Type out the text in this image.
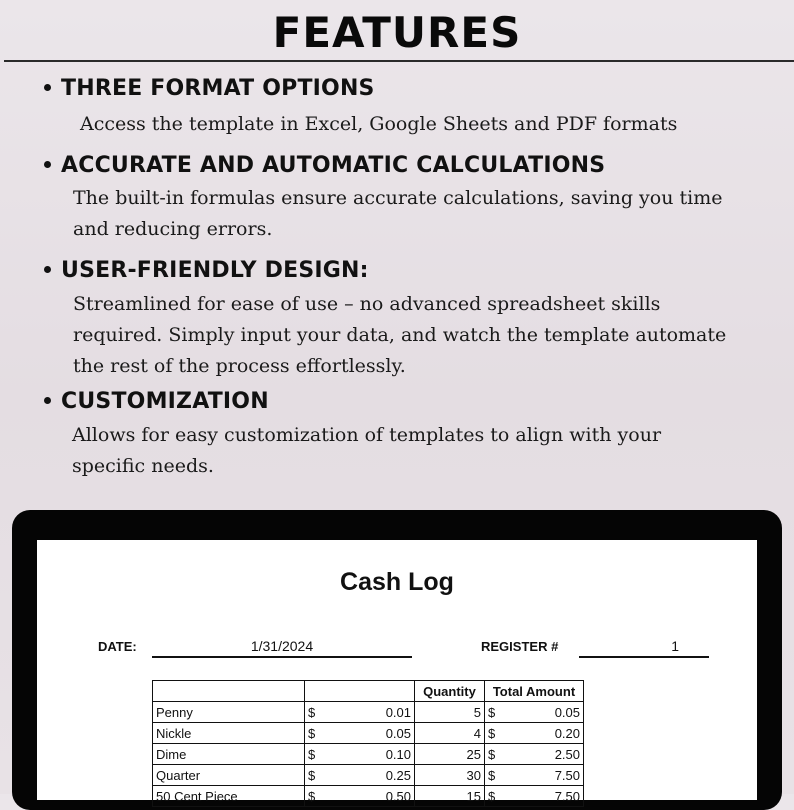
FEATURES
THREE FORMAT OPTIONS
Access the template in Excel, Google Sheets and PDF formats
ACCURATE AND AUTOMATIC CALCULATIONS
The built-in formulas ensure accurate calculations, saving you time
and reducing errors.
USER-FRIENDLY DESIGN:
Streamlined for ease of use – no advanced spreadsheet skills
required. Simply input your data, and watch the template automate
the rest of the process effortlessly.
CUSTOMIZATION
Allows for easy customization of templates to align with your
specific needs.
Cash Log
DATE:	1/31/2024	REGISTER #	1
		Quantity	Total Amount
Penny	$ 0.01	5	$ 0.05

Nickle	$ 0.05	4	$ 0.20

Dime	$ 0.10	25	$ 2.50

Quarter	$ 0.25	30	$ 7.50

50 Cent Piece	$ 0.50	15	$ 7.50
